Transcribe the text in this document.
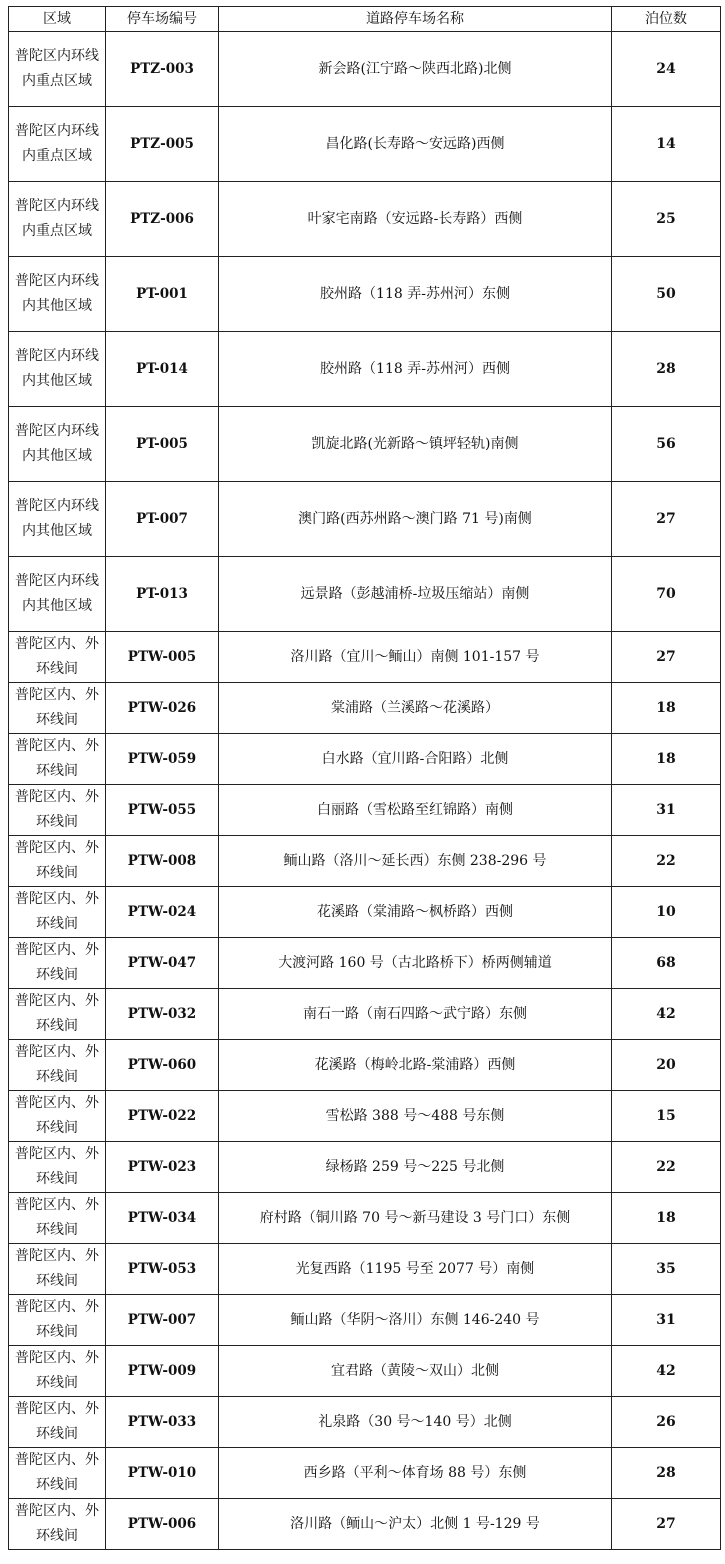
区域	停车场编号	道路停车场名称	泊位数
普陀区内环线内重点区域	PTZ-003	新会路(江宁路～陕西北路)北侧	24
普陀区内环线内重点区域	PTZ-005	昌化路(长寿路～安远路)西侧	14
普陀区内环线内重点区域	PTZ-006	叶家宅南路（安远路-长寿路）西侧	25
普陀区内环线内其他区域	PT-001	胶州路（118 弄-苏州河）东侧	50
普陀区内环线内其他区域	PT-014	胶州路（118 弄-苏州河）西侧	28
普陀区内环线内其他区域	PT-005	凯旋北路(光新路～镇坪轻轨)南侧	56
普陀区内环线内其他区域	PT-007	澳门路(西苏州路～澳门路 71 号)南侧	27
普陀区内环线内其他区域	PT-013	远景路（彭越浦桥-垃圾压缩站）南侧	70
普陀区内、外环线间	PTW-005	洛川路（宜川～鲕山）南侧 101-157 号	27
普陀区内、外环线间	PTW-026	棠浦路（兰溪路～花溪路）	18
普陀区内、外环线间	PTW-059	白水路（宜川路-合阳路）北侧	18
普陀区内、外环线间	PTW-055	白丽路（雪松路至红锦路）南侧	31
普陀区内、外环线间	PTW-008	鲕山路（洛川～延长西）东侧 238-296 号	22
普陀区内、外环线间	PTW-024	花溪路（棠浦路～枫桥路）西侧	10
普陀区内、外环线间	PTW-047	大渡河路 160 号（古北路桥下）桥两侧辅道	68
普陀区内、外环线间	PTW-032	南石一路（南石四路～武宁路）东侧	42
普陀区内、外环线间	PTW-060	花溪路（梅岭北路-棠浦路）西侧	20
普陀区内、外环线间	PTW-022	雪松路 388 号～488 号东侧	15
普陀区内、外环线间	PTW-023	绿杨路 259 号～225 号北侧	22
普陀区内、外环线间	PTW-034	府村路（铜川路 70 号～新马建设 3 号门口）东侧	18
普陀区内、外环线间	PTW-053	光复西路（1195 号至 2077 号）南侧	35
普陀区内、外环线间	PTW-007	鲕山路（华阴～洛川）东侧 146-240 号	31
普陀区内、外环线间	PTW-009	宜君路（黄陵～双山）北侧	42
普陀区内、外环线间	PTW-033	礼泉路（30 号～140 号）北侧	26
普陀区内、外环线间	PTW-010	西乡路（平利～体育场 88 号）东侧	28
普陀区内、外环线间	PTW-006	洛川路（鲕山～沪太）北侧 1 号-129 号	27
